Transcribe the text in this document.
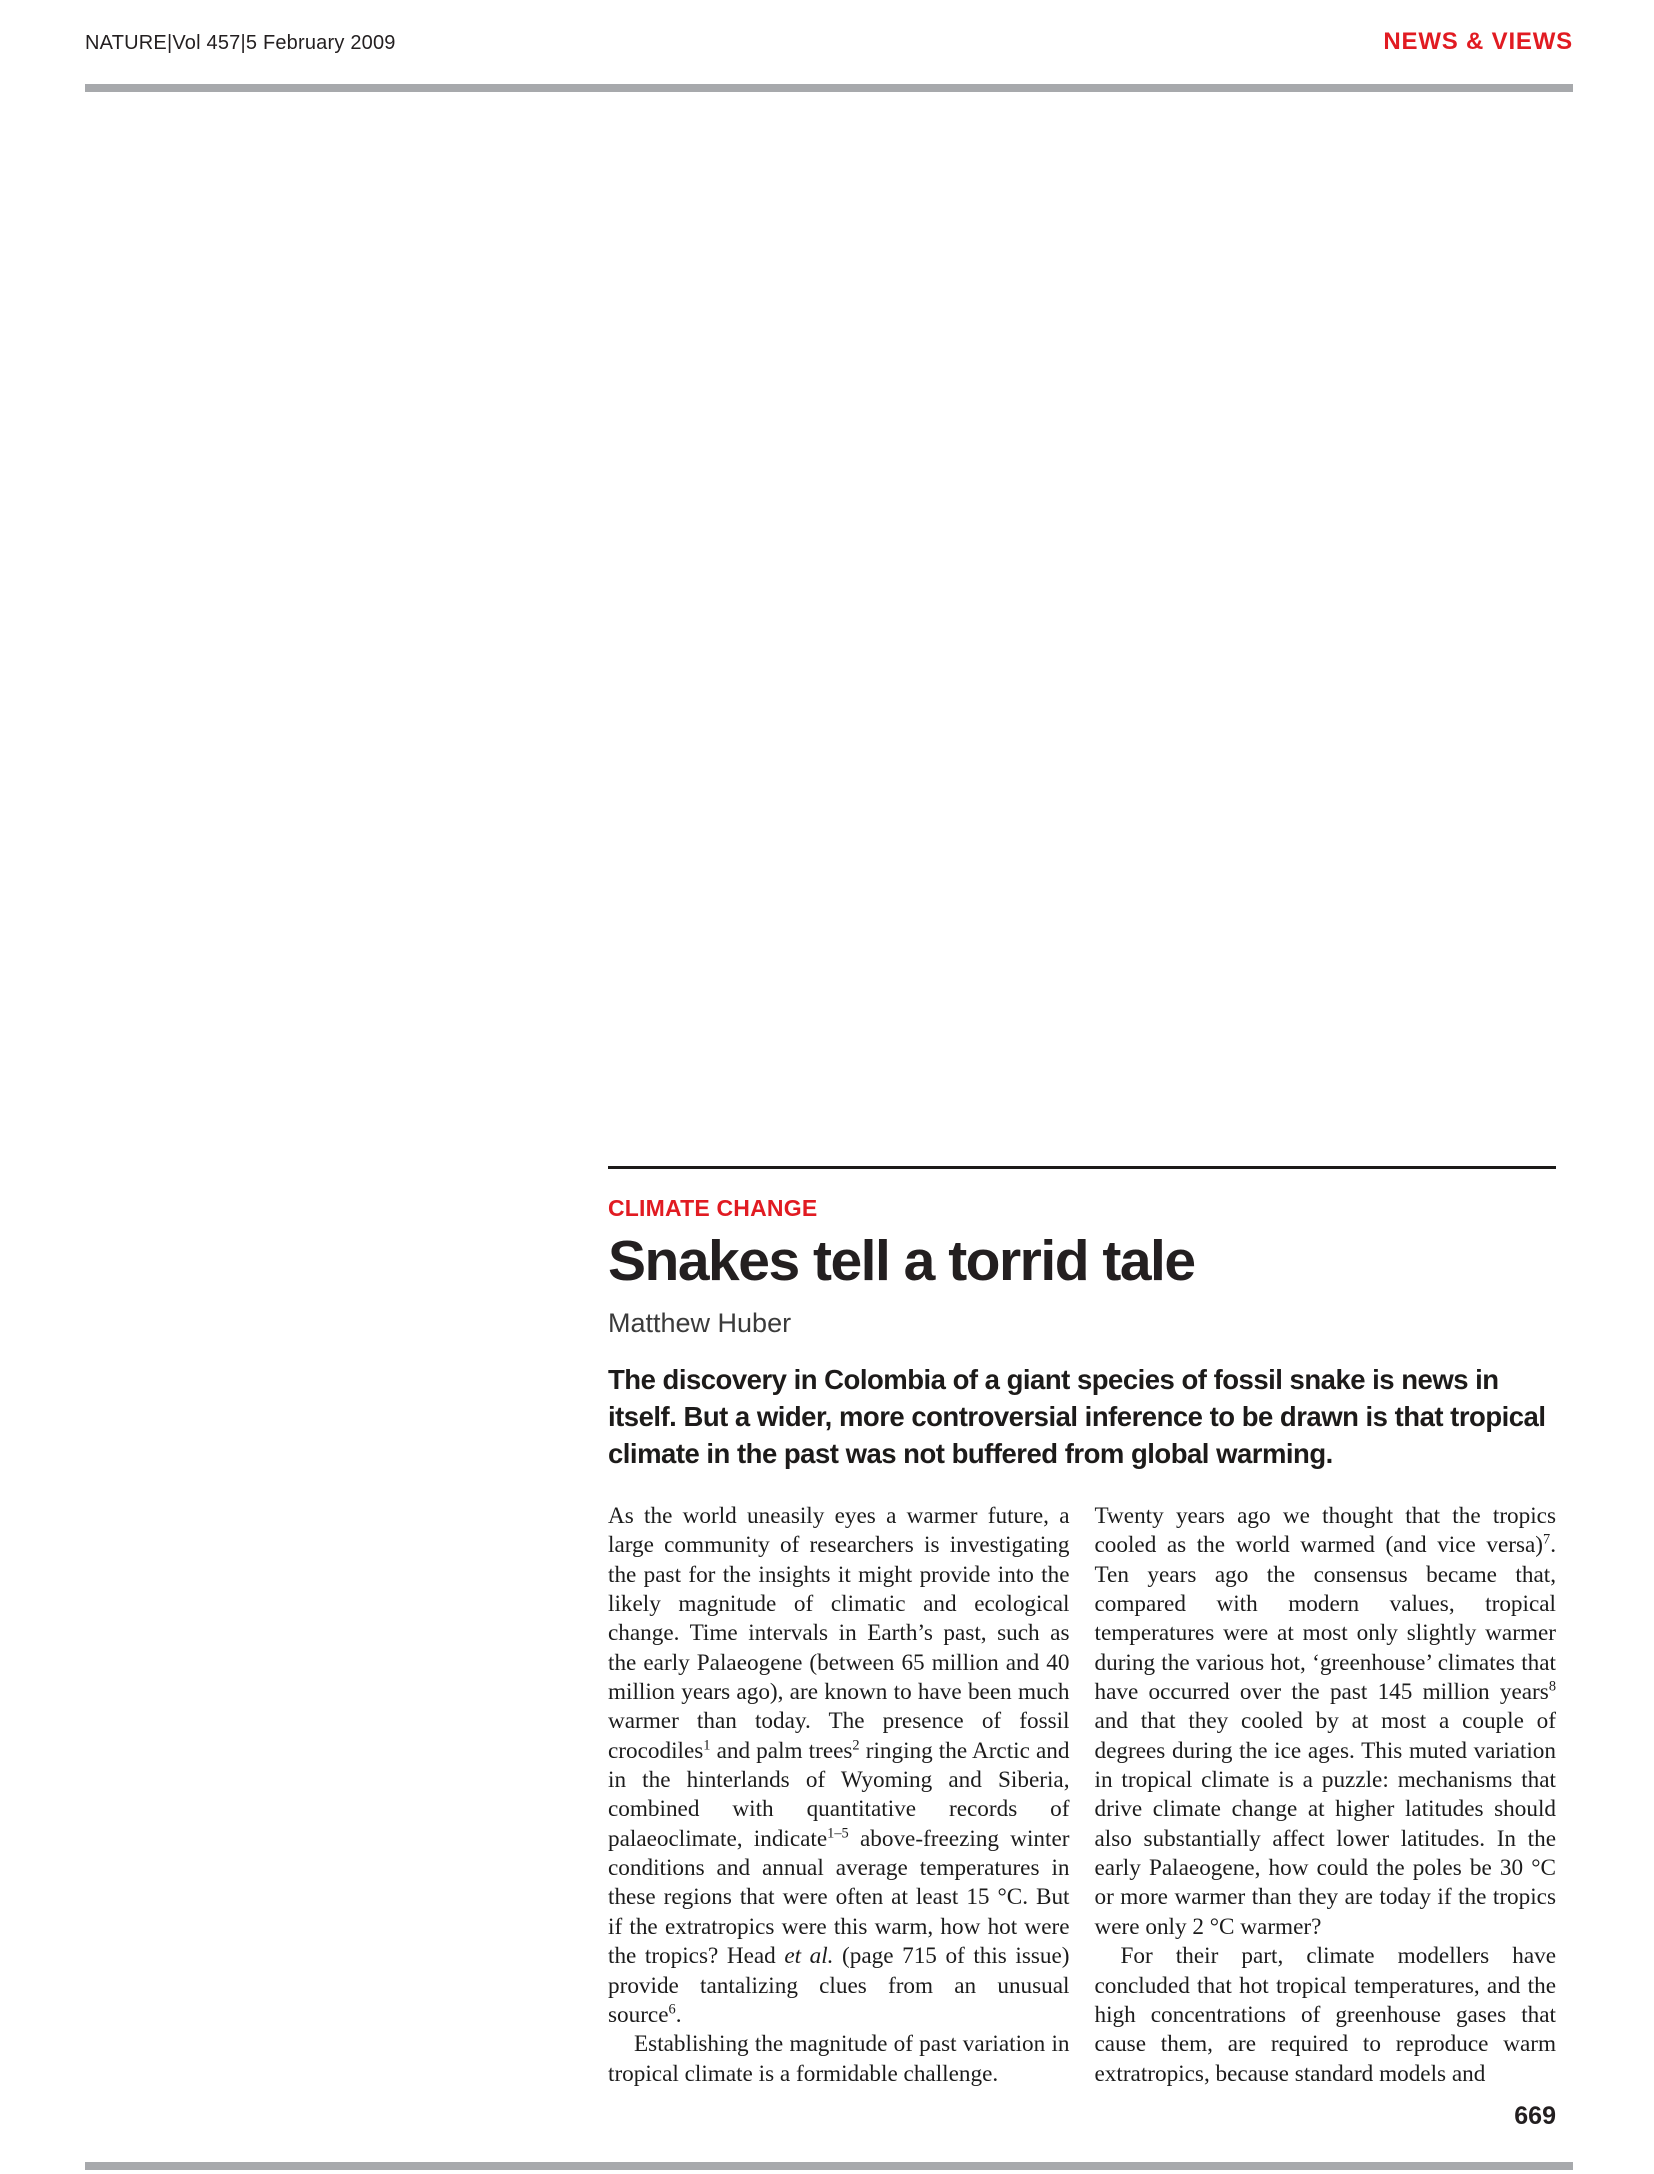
NATURE|Vol 457|5 February 2009	NEWS & VIEWS
CLIMATE CHANGE
Snakes tell a torrid tale
Matthew Huber
The discovery in Colombia of a giant species of fossil snake is news in itself. But a wider, more controversial inference to be drawn is that tropical climate in the past was not buffered from global warming.

As the world uneasily eyes a warmer future, a large community of researchers is investigating the past for the insights it might provide into the likely magnitude of climatic and ecological change. Time intervals in Earth’s past, such as the early Palaeogene (between 65 million and 40 million years ago), are known to have been much warmer than today. The presence of fossil crocodiles$^1$ and palm trees$^2$ ringing the Arctic and in the hinterlands of Wyoming and Siberia, combined with quantitative records of palaeoclimate, indicate$^{1-5}$ above-freezing winter conditions and annual average temperatures in these regions that were often at least 15 °C. But if the extratropics were this warm, how hot were the tropics? Head et al. (page 715 of this issue) provide tantalizing clues from an unusual source$^6$.

Establishing the magnitude of past variation in tropical climate is a formidable challenge.

Twenty years ago we thought that the tropics cooled as the world warmed (and vice versa)$^7$. Ten years ago the consensus became that, compared with modern values, tropical temperatures were at most only slightly warmer during the various hot, ‘greenhouse’ climates that have occurred over the past 145 million years$^8$ and that they cooled by at most a couple of degrees during the ice ages. This muted variation in tropical climate is a puzzle: mechanisms that drive climate change at higher latitudes should also substantially affect lower latitudes. In the early Palaeogene, how could the poles be 30 °C or more warmer than they are today if the tropics were only 2 °C warmer?

For their part, climate modellers have concluded that hot tropical temperatures, and the high concentrations of greenhouse gases that cause them, are required to reproduce warm extratropics, because standard models and

669
